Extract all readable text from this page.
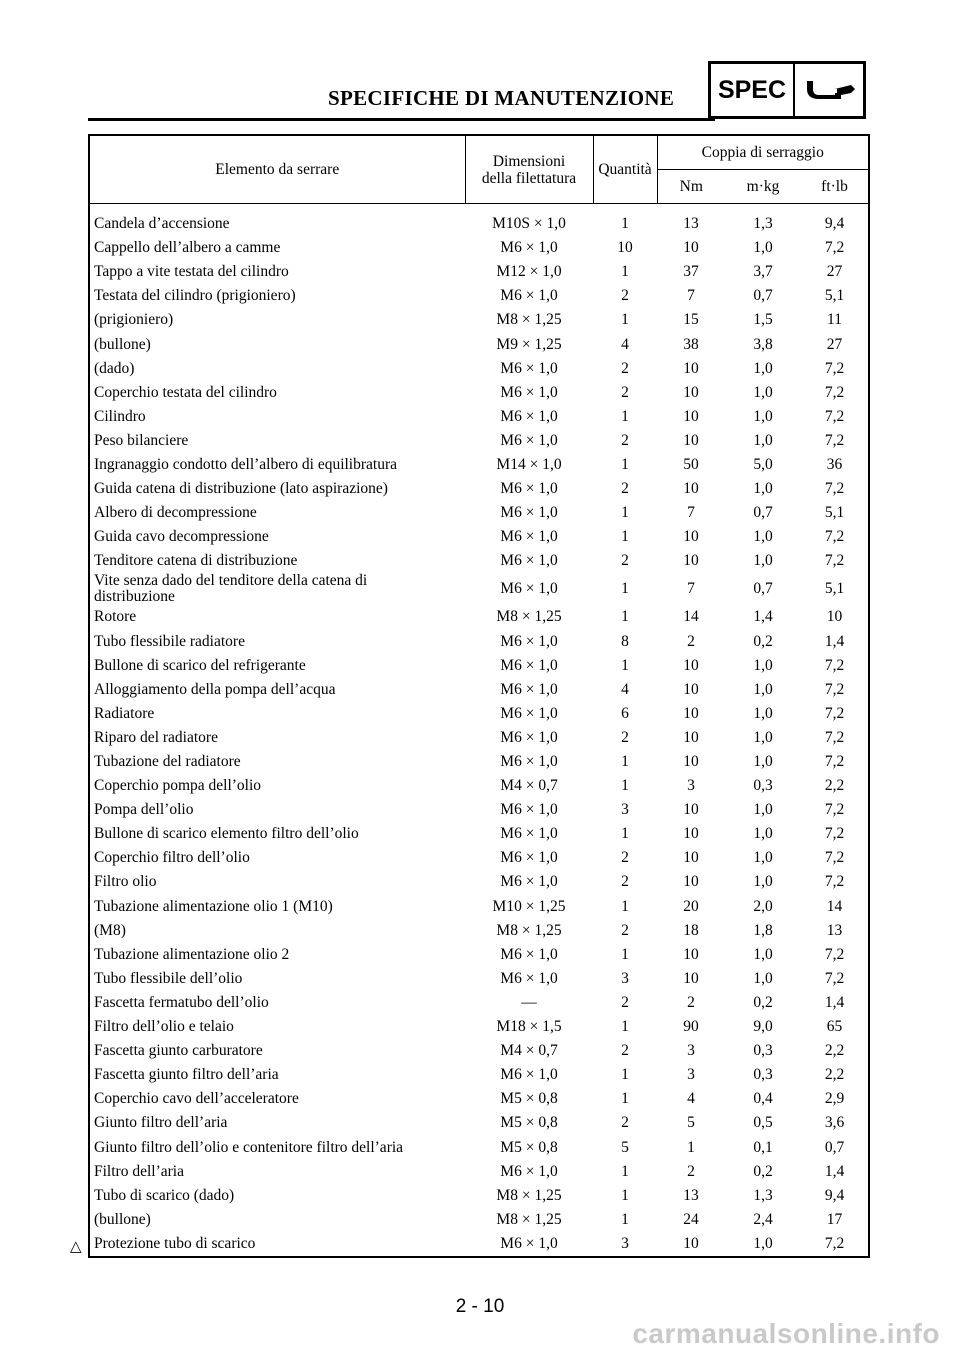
SPECIFICHE DI MANUTENZIONE SPEC
Elemento da serrare	Dimensioni
della filettatura	Quantità	Coppia di serraggio		
			Nm	m·kg	ft·lb
Candela d’accensione	M10S × 1,0	1	13	1,3	9,4
Cappello dell’albero a camme	M6 × 1,0	10	10	1,0	7,2
Tappo a vite testata del cilindro	M12 × 1,0	1	37	3,7	27
Testata del cilindro (prigioniero)	M6 × 1,0	2	7	0,7	5,1
(prigioniero)	M8 × 1,25	1	15	1,5	11
(bullone)	M9 × 1,25	4	38	3,8	27
(dado)	M6 × 1,0	2	10	1,0	7,2
Coperchio testata del cilindro	M6 × 1,0	2	10	1,0	7,2
Cilindro	M6 × 1,0	1	10	1,0	7,2
Peso bilanciere	M6 × 1,0	2	10	1,0	7,2
Ingranaggio condotto dell’albero di equilibratura	M14 × 1,0	1	50	5,0	36
Guida catena di distribuzione (lato aspirazione)	M6 × 1,0	2	10	1,0	7,2
Albero di decompressione	M6 × 1,0	1	7	0,7	5,1
Guida cavo decompressione	M6 × 1,0	1	10	1,0	7,2
Tenditore catena di distribuzione	M6 × 1,0	2	10	1,0	7,2
Vite senza dado del tenditore della catena di
distribuzione	M6 × 1,0	1	7	0,7	5,1
Rotore	M8 × 1,25	1	14	1,4	10
Tubo flessibile radiatore	M6 × 1,0	8	2	0,2	1,4
Bullone di scarico del refrigerante	M6 × 1,0	1	10	1,0	7,2
Alloggiamento della pompa dell’acqua	M6 × 1,0	4	10	1,0	7,2
Radiatore	M6 × 1,0	6	10	1,0	7,2
Riparo del radiatore	M6 × 1,0	2	10	1,0	7,2
Tubazione del radiatore	M6 × 1,0	1	10	1,0	7,2
Coperchio pompa dell’olio	M4 × 0,7	1	3	0,3	2,2
Pompa dell’olio	M6 × 1,0	3	10	1,0	7,2
Bullone di scarico elemento filtro dell’olio	M6 × 1,0	1	10	1,0	7,2
Coperchio filtro dell’olio	M6 × 1,0	2	10	1,0	7,2
Filtro olio	M6 × 1,0	2	10	1,0	7,2
Tubazione alimentazione olio 1 (M10)	M10 × 1,25	1	20	2,0	14
(M8)	M8 × 1,25	2	18	1,8	13
Tubazione alimentazione olio 2	M6 × 1,0	1	10	1,0	7,2
Tubo flessibile dell’olio	M6 × 1,0	3	10	1,0	7,2
Fascetta fermatubo dell’olio	—	2	2	0,2	1,4
Filtro dell’olio e telaio	M18 × 1,5	1	90	9,0	65
Fascetta giunto carburatore	M4 × 0,7	2	3	0,3	2,2
Fascetta giunto filtro dell’aria	M6 × 1,0	1	3	0,3	2,2
Coperchio cavo dell’acceleratore	M5 × 0,8	1	4	0,4	2,9
Giunto filtro dell’aria	M5 × 0,8	2	5	0,5	3,6
Giunto filtro dell’olio e contenitore filtro dell’aria	M5 × 0,8	5	1	0,1	0,7
Filtro dell’aria	M6 × 1,0	1	2	0,2	1,4
Tubo di scarico (dado)	M8 × 1,25	1	13	1,3	9,4
(bullone)	M8 × 1,25	1	24	2,4	17
Protezione tubo di scarico	M6 × 1,0	3	10	1,0	7,2
△
2 - 10
carmanualsonline.info
